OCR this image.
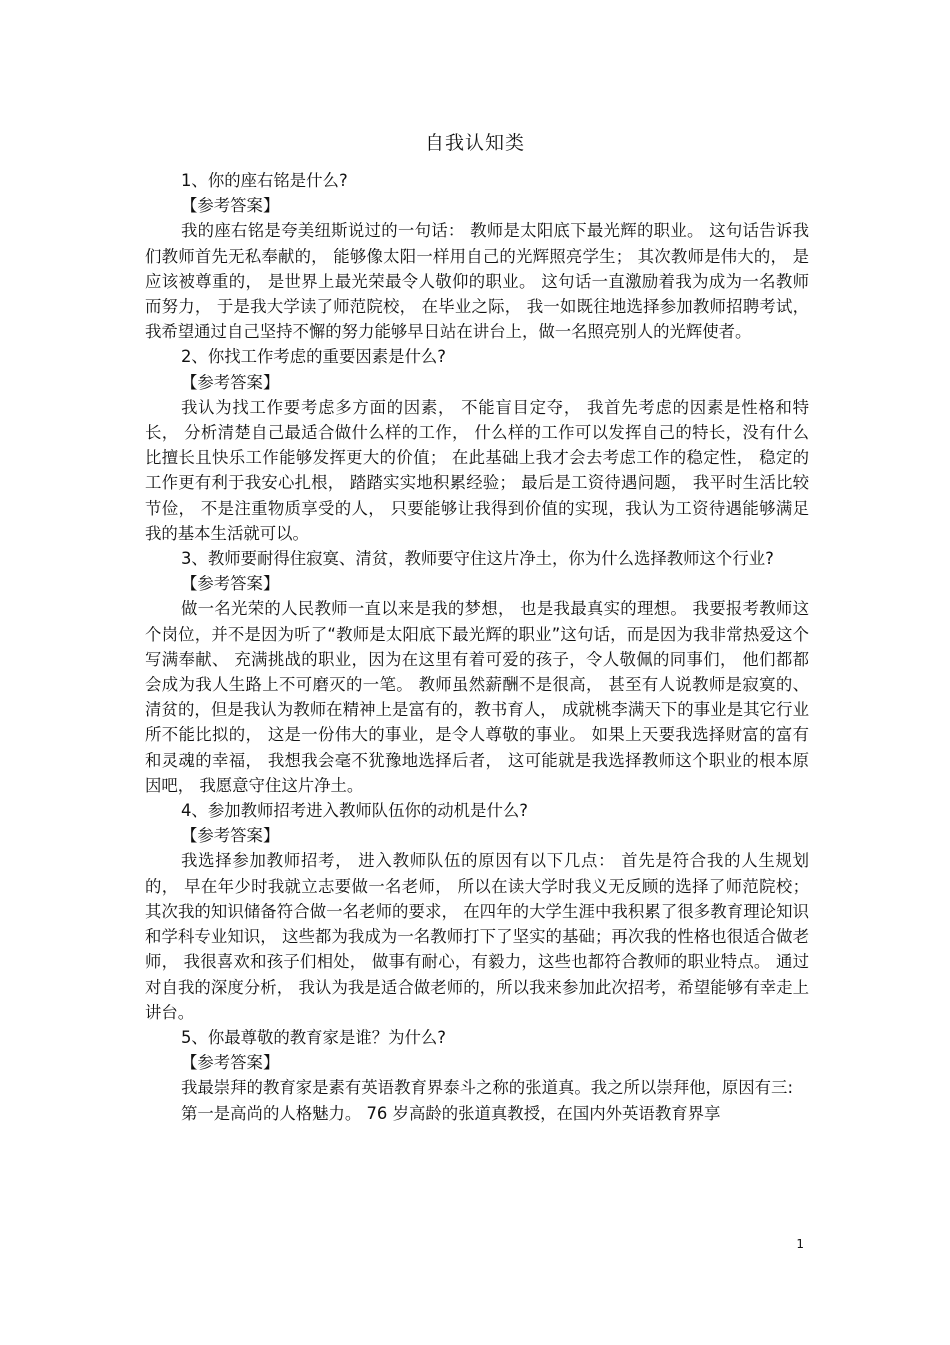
自我认知类

1、你的座右铭是什么?

【参考答案】

我的座右铭是夸美纽斯说过的一句话： 教师是太阳底下最光辉的职业。 这句话告诉我们教师首先无私奉献的， 能够像太阳一样用自己的光辉照亮学生； 其次教师是伟大的， 是应该被尊重的， 是世界上最光荣最令人敬仰的职业。 这句话一直激励着我为成为一名教师而努力， 于是我大学读了师范院校， 在毕业之际， 我一如既往地选择参加教师招聘考试， 我希望通过自己坚持不懈的努力能够早日站在讲台上，做一名照亮别人的光辉使者。

2、你找工作考虑的重要因素是什么?

【参考答案】

我认为找工作要考虑多方面的因素， 不能盲目定夺， 我首先考虑的因素是性格和特长， 分析清楚自己最适合做什么样的工作， 什么样的工作可以发挥自己的特长，没有什么比擅长且快乐工作能够发挥更大的价值； 在此基础上我才会去考虑工作的稳定性， 稳定的工作更有利于我安心扎根， 踏踏实实地积累经验； 最后是工资待遇问题， 我平时生活比较节俭， 不是注重物质享受的人， 只要能够让我得到价值的实现，我认为工资待遇能够满足我的基本生活就可以。

3、教师要耐得住寂寞、清贫，教师要守住这片净土，你为什么选择教师这个行业?

【参考答案】

做一名光荣的人民教师一直以来是我的梦想， 也是我最真实的理想。 我要报考教师这个岗位，并不是因为听了“教师是太阳底下最光辉的职业”这句话，而是因为我非常热爱这个写满奉献、 充满挑战的职业，因为在这里有着可爱的孩子，令人敬佩的同事们， 他们都都会成为我人生路上不可磨灭的一笔。 教师虽然薪酬不是很高， 甚至有人说教师是寂寞的、 清贫的，但是我认为教师在精神上是富有的，教书育人， 成就桃李满天下的事业是其它行业所不能比拟的， 这是一份伟大的事业，是令人尊敬的事业。 如果上天要我选择财富的富有和灵魂的幸福， 我想我会毫不犹豫地选择后者， 这可能就是我选择教师这个职业的根本原因吧， 我愿意守住这片净土。

4、参加教师招考进入教师队伍你的动机是什么?

【参考答案】

我选择参加教师招考， 进入教师队伍的原因有以下几点： 首先是符合我的人生规划的， 早在年少时我就立志要做一名老师， 所以在读大学时我义无反顾的选择了师范院校； 其次我的知识储备符合做一名老师的要求， 在四年的大学生涯中我积累了很多教育理论知识和学科专业知识， 这些都为我成为一名教师打下了坚实的基础；再次我的性格也很适合做老师， 我很喜欢和孩子们相处， 做事有耐心，有毅力，这些也都符合教师的职业特点。 通过对自我的深度分析， 我认为我是适合做老师的，所以我来参加此次招考，希望能够有幸走上讲台。

5、你最尊敬的教育家是谁？为什么?

【参考答案】

我最崇拜的教育家是素有英语教育界泰斗之称的张道真。我之所以崇拜他，原因有三:

第一是高尚的人格魅力。 76 岁高龄的张道真教授，在国内外英语教育界享

1
